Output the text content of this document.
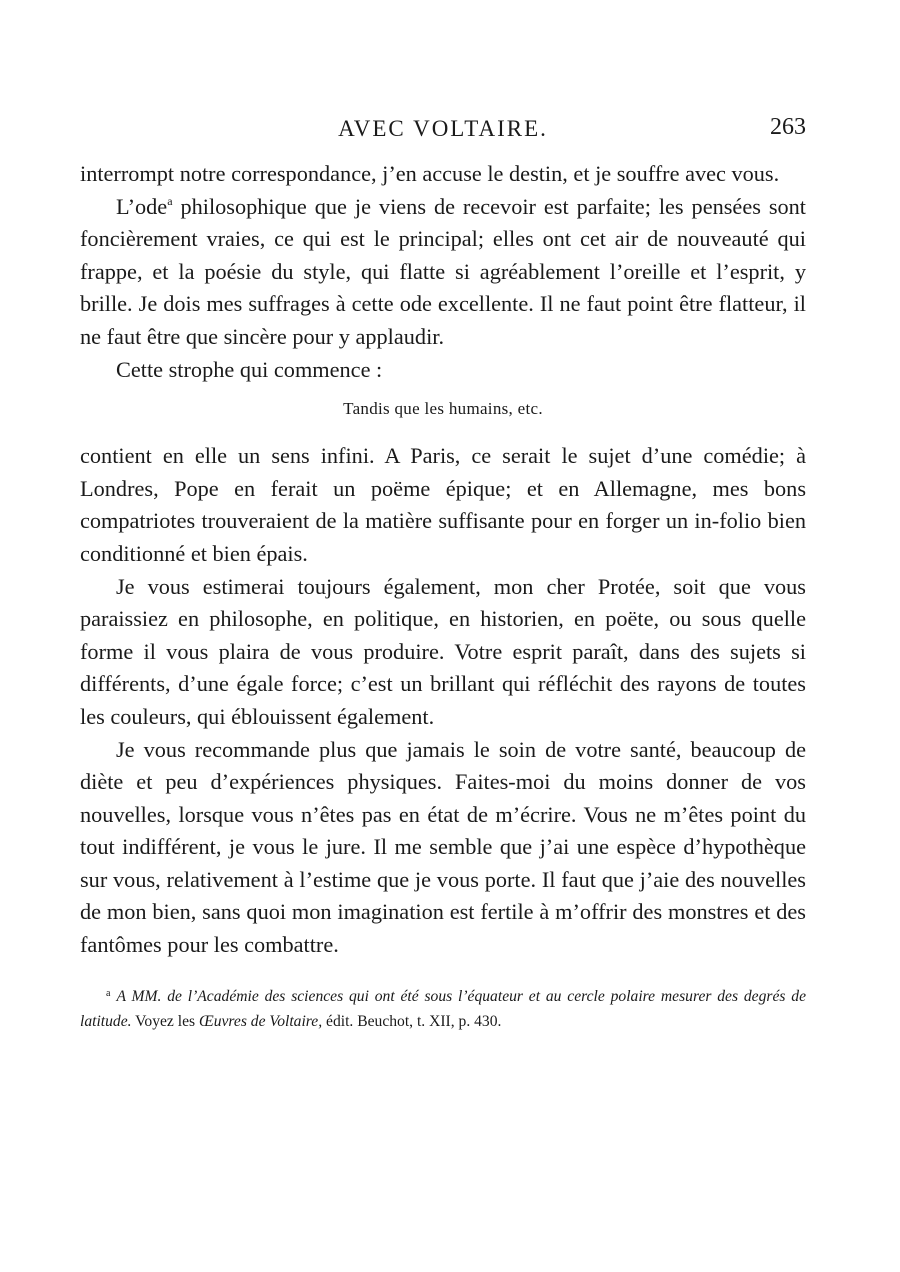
AVEC VOLTAIRE.	263

interrompt notre correspondance, j’en accuse le destin, et je souffre avec vous.

L’ode$^a$ philosophique que je viens de recevoir est parfaite; les pensées sont foncièrement vraies, ce qui est le principal; elles ont cet air de nouveauté qui frappe, et la poésie du style, qui flatte si agréablement l’oreille et l’esprit, y brille. Je dois mes suffrages à cette ode excellente. Il ne faut point être flatteur, il ne faut être que sincère pour y applaudir.

Cette strophe qui commence :

Tandis que les humains, etc.

contient en elle un sens infini. A Paris, ce serait le sujet d’une comédie; à Londres, Pope en ferait un poëme épique; et en Allemagne, mes bons compatriotes trouveraient de la matière suffisante pour en forger un in-folio bien conditionné et bien épais.

Je vous estimerai toujours également, mon cher Protée, soit que vous paraissiez en philosophe, en politique, en historien, en poëte, ou sous quelle forme il vous plaira de vous produire. Votre esprit paraît, dans des sujets si différents, d’une égale force; c’est un brillant qui réfléchit des rayons de toutes les couleurs, qui éblouissent également.

Je vous recommande plus que jamais le soin de votre santé, beaucoup de diète et peu d’expériences physiques. Faites-moi du moins donner de vos nouvelles, lorsque vous n’êtes pas en état de m’écrire. Vous ne m’êtes point du tout indifférent, je vous le jure. Il me semble que j’ai une espèce d’hypothèque sur vous, relativement à l’estime que je vous porte. Il faut que j’aie des nouvelles de mon bien, sans quoi mon imagination est fertile à m’offrir des monstres et des fantômes pour les combattre.

$^a$ A MM. de l’Académie des sciences qui ont été sous l’équateur et au cercle polaire mesurer des degrés de latitude. Voyez les Œuvres de Voltaire, édit. Beuchot, t. XII, p. 430.
